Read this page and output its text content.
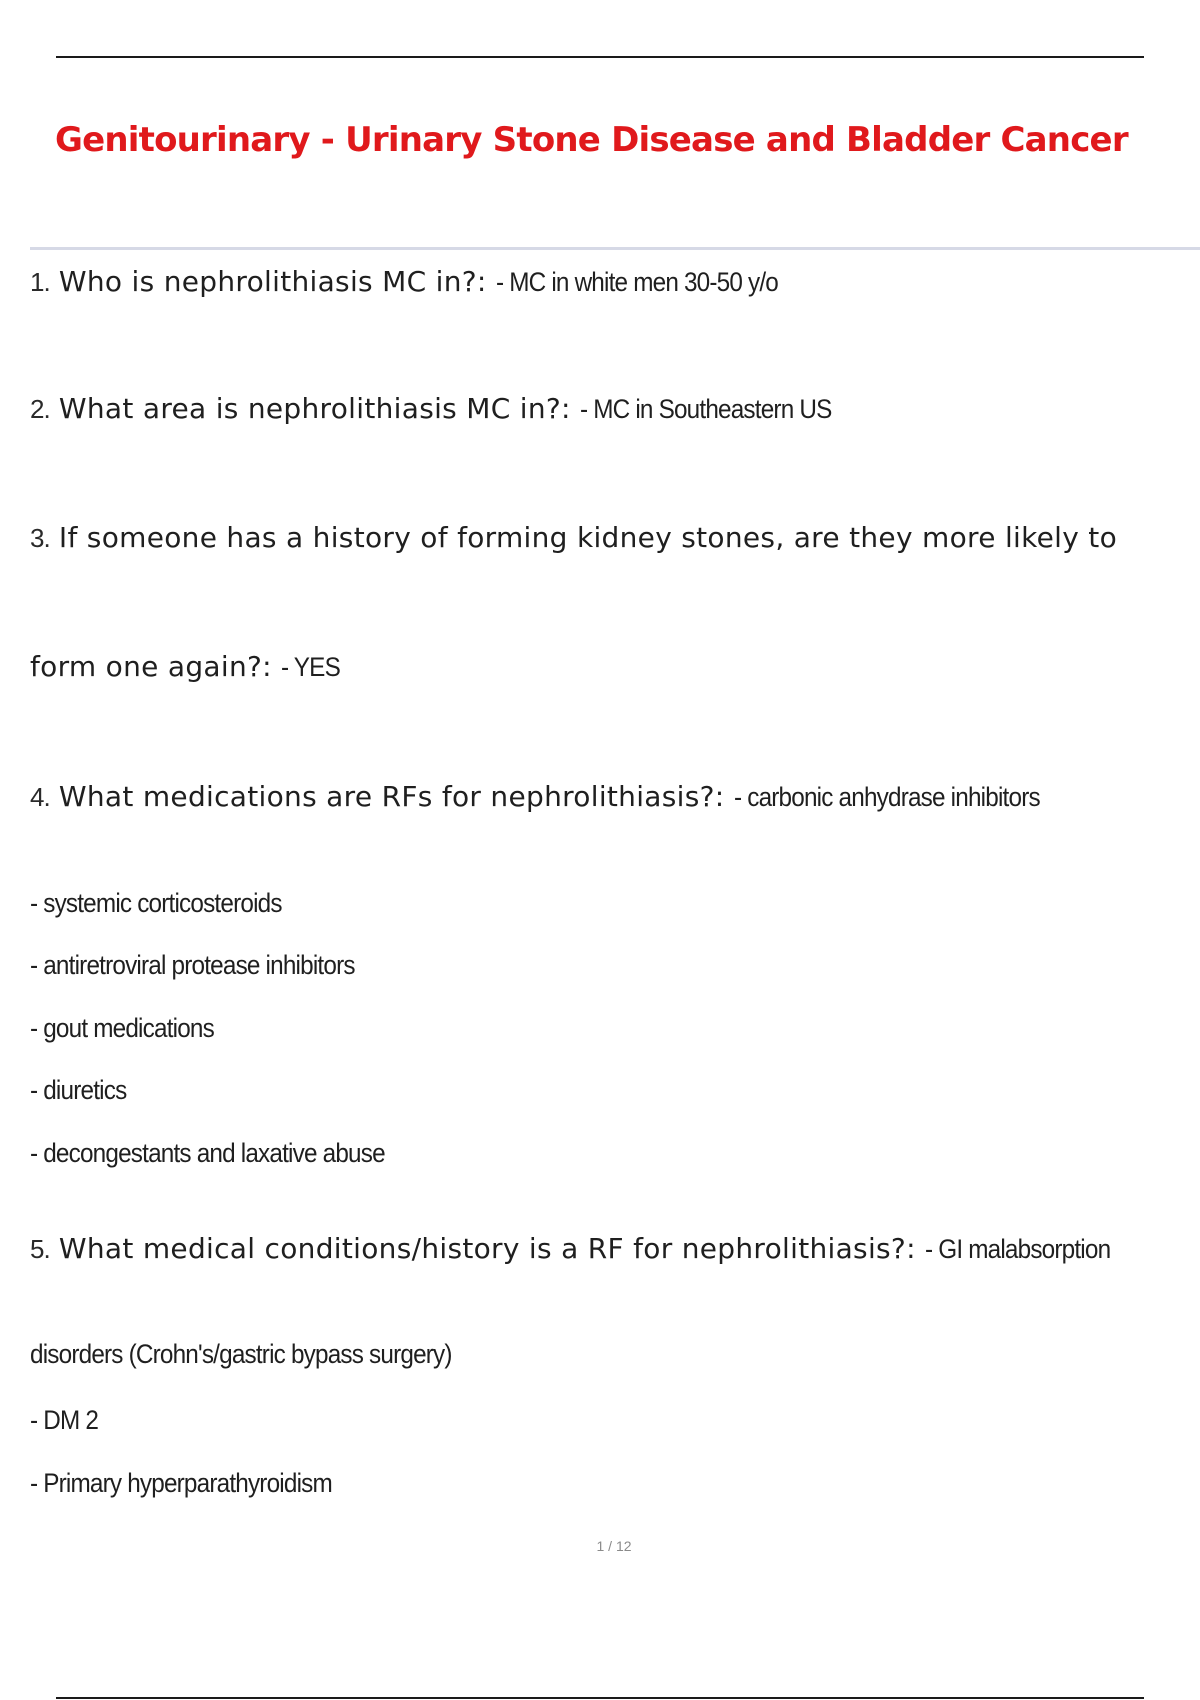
Genitourinary - Urinary Stone Disease and Bladder Cancer

1. Who is nephrolithiasis MC in?: - MC in white men 30-50 y/o

2. What area is nephrolithiasis MC in?: - MC in Southeastern US

3. If someone has a history of forming kidney stones, are they more likely to

form one again?: - YES

4. What medications are RFs for nephrolithiasis?: - carbonic anhydrase inhibitors

- systemic corticosteroids

- antiretroviral protease inhibitors

- gout medications

- diuretics

- decongestants and laxative abuse

5. What medical conditions/history is a RF for nephrolithiasis?: - GI malabsorption

disorders (Crohn's/gastric bypass surgery)

- DM 2

- Primary hyperparathyroidism

1 / 12
